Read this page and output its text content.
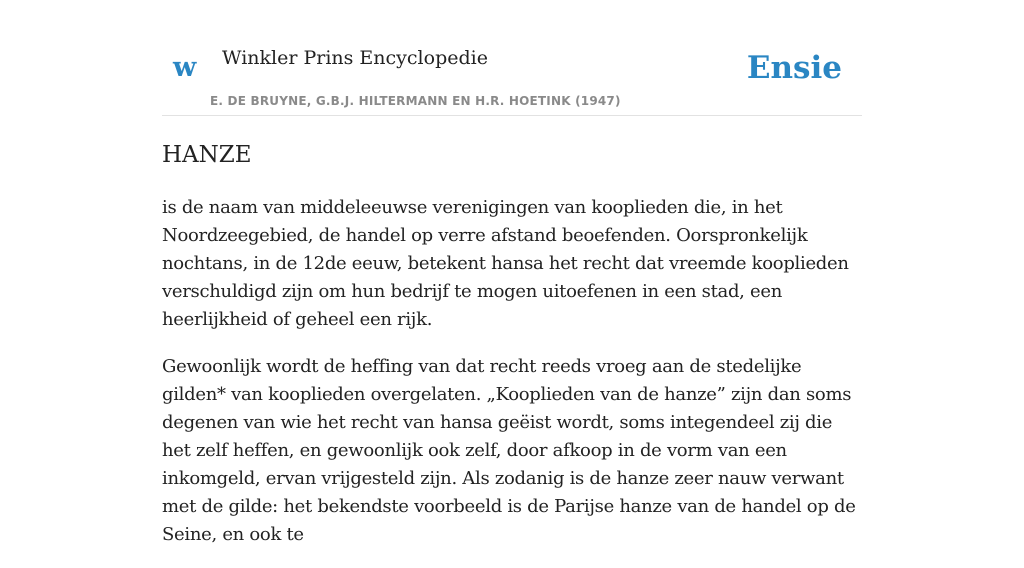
w Winkler Prins Encyclopedie
E. DE BRUYNE, G.B.J. HILTERMANN EN H.R. HOETINK (1947)
Ensie
HANZE

is de naam van middeleeuwse verenigingen van kooplieden die, in het Noordzeegebied, de handel op verre afstand beoefenden. Oorspronkelijk nochtans, in de 12de eeuw, betekent hansa het recht dat vreemde kooplieden verschuldigd zijn om hun bedrijf te mogen uitoefenen in een stad, een heerlijkheid of geheel een rijk.

Gewoonlijk wordt de heffing van dat recht reeds vroeg aan de stedelijke gilden* van kooplieden overgelaten. „Kooplieden van de hanze” zijn dan soms degenen van wie het recht van hansa geëist wordt, soms integendeel zij die het zelf heffen, en gewoonlijk ook zelf, door afkoop in de vorm van een inkomgeld, ervan vrijgesteld zijn. Als zodanig is de hanze zeer nauw verwant met de gilde: het bekendste voorbeeld is de Parijse hanze van de handel op de Seine, en ook te
